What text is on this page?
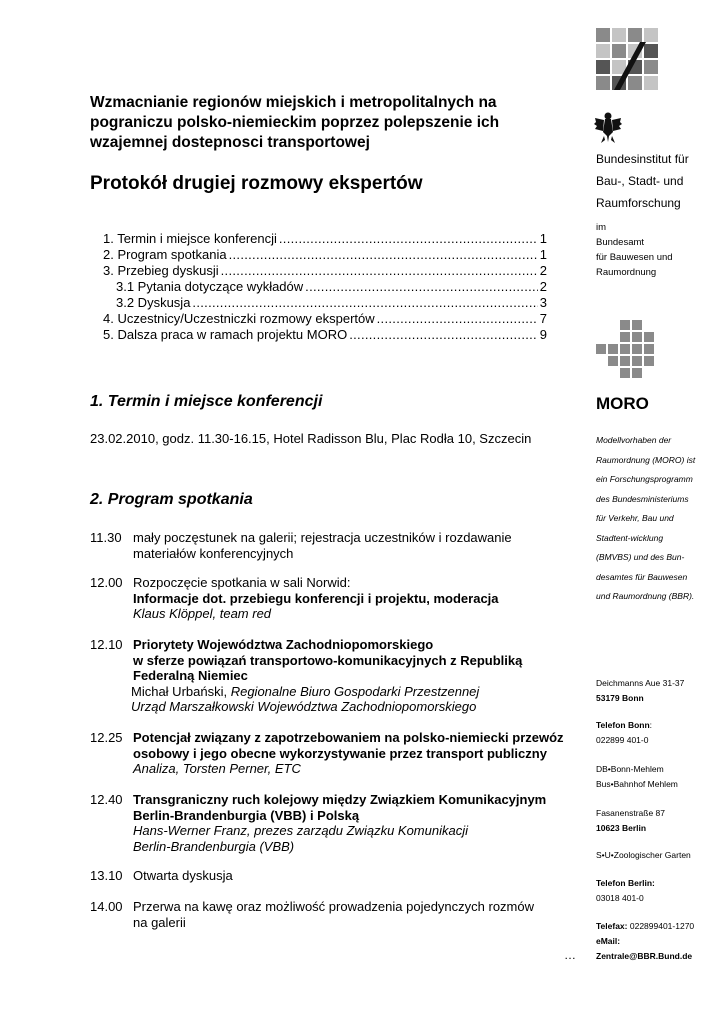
Wzmacnianie regionów miejskich i metropolitalnych na pograniczu polsko-niemieckim poprzez polepszenie ich wzajemnej dostepnosci transportowej
Protokół drugiej rozmowy ekspertów
1. Termin i miejsce konferencji .....	1
2. Program spotkania .....	1
3. Przebieg dyskusji .....	2
3.1 Pytania dotyczące wykładów .....	2
3.2 Dyskusja .....	3
4. Uczestnicy/Uczestniczki rozmowy ekspertów .....	7
5. Dalsza praca w ramach projektu MORO .....	9
1. Termin i miejsce konferencji
23.02.2010, godz. 11.30-16.15, Hotel Radisson Blu, Plac Rodła 10, Szczecin
2. Program spotkania
11.30 mały poczęstunek na galerii; rejestracja uczestników i rozdawanie
materiałów konferencyjnych
12.00 Rozpoczęcie spotkania w sali Norwid:
Informacje dot. przebiegu konferencji i projektu, moderacja
Klaus Klöppel, team red
12.10 Priorytety Województwa Zachodniopomorskiego
w sferze powiązań transportowo-komunikacyjnych z Republiką
Federalną Niemiec
Michał Urbański, Regionalne Biuro Gospodarki Przestzennej
Urząd Marszałkowski Województwa Zachodniopomorskiego
12.25 Potencjał związany z zapotrzebowaniem na polsko-niemiecki przewóz
osobowy i jego obecne wykorzystywanie przez transport publiczny
Analiza, Torsten Perner, ETC
12.40 Transgraniczny ruch kolejowy między Związkiem Komunikacyjnym
Berlin-Brandenburgia (VBB) i Polską
Hans-Werner Franz, prezes zarządu Związku Komunikacji
Berlin-Brandenburgia (VBB)
13.10 Otwarta dyskusja
14.00 Przerwa na kawę oraz możliwość prowadzenia pojedynczych rozmów
na galerii
…
Bundesinstitut für
Bau-, Stadt- und
Raumforschung
im
Bundesamt
für Bauwesen und
Raumordnung
MORO
Modellvorhaben der
Raumordnung (MORO) ist
ein Forschungsprogramm
des Bundesministeriums
für Verkehr, Bau und
Stadtent-wicklung
(BMVBS) und des Bun-
desamtes für Bauwesen
und Raumordnung (BBR).
Deichmanns Aue 31-37
53179 Bonn
Telefon Bonn:
022899 401-0
DB•Bonn-Mehlem
Bus•Bahnhof Mehlem
Fasanenstraße 87
10623 Berlin
S•U•Zoologischer Garten
Telefon Berlin:
03018 401-0
Telefax: 022899401-1270
eMail:
Zentrale@BBR.Bund.de
